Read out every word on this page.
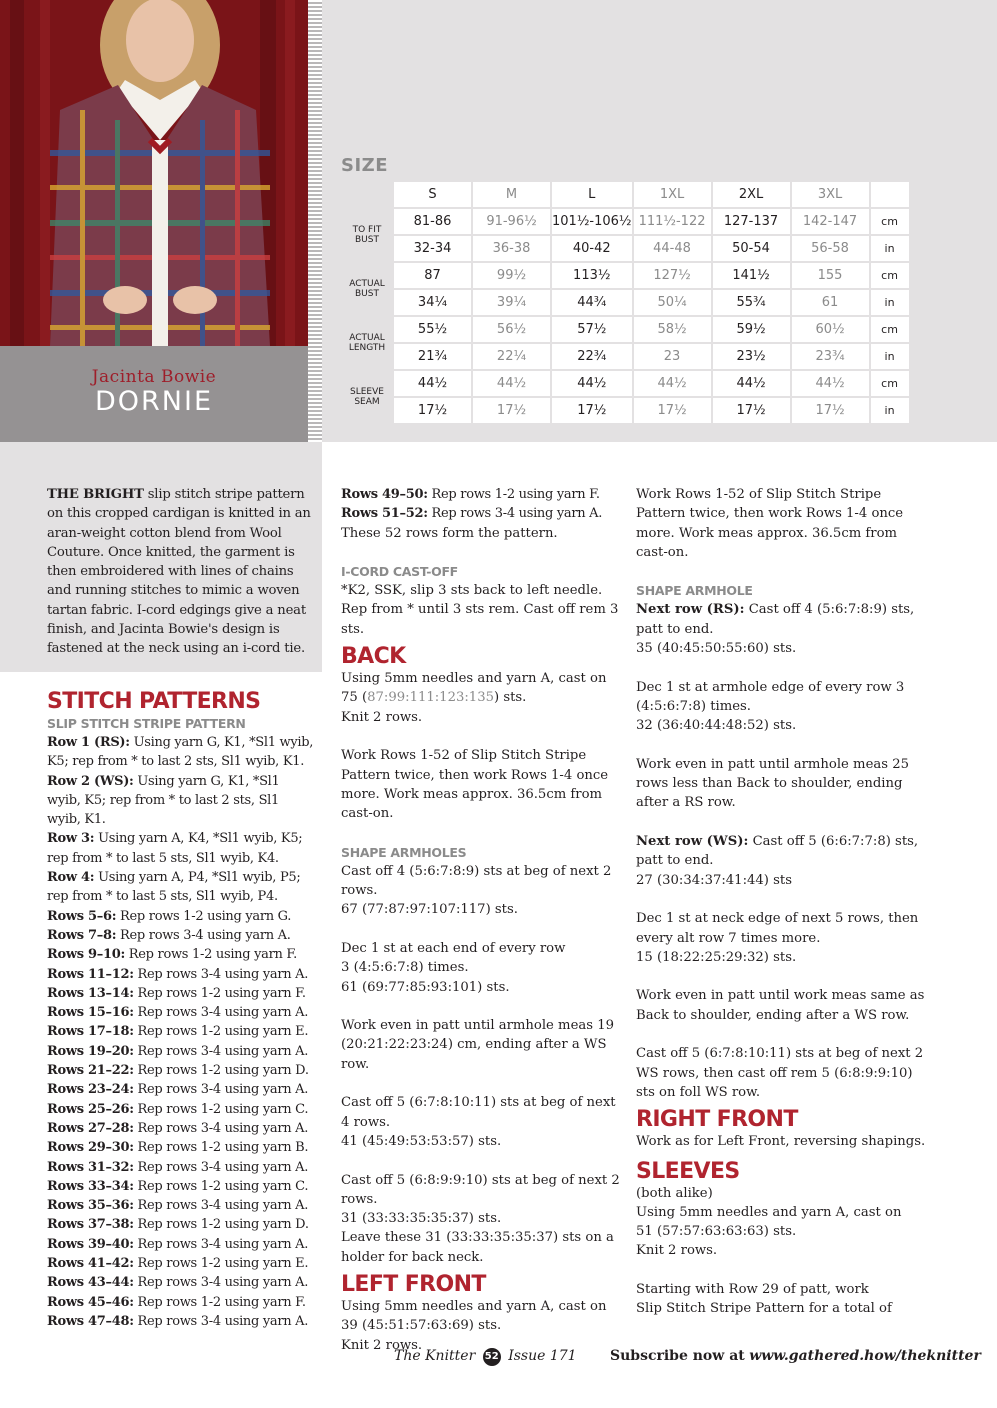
Jacinta Bowie
DORNIE
SIZE
	S	M	L	1XL	2XL	3XL	
TO FIT BUST	81-86	91-96½	101½-106½	111½-122	127-137	142-147	cm
	32-34	36-38	40-42	44-48	50-54	56-58	in
ACTUAL BUST	87	99½	113½	127½	141½	155	cm
	34¼	39¼	44¾	50¼	55¾	61	in
ACTUAL LENGTH	55½	56½	57½	58½	59½	60½	cm
	21¾	22¼	22¾	23	23½	23¾	in
SLEEVE SEAM	44½	44½	44½	44½	44½	44½	cm
	17½	17½	17½	17½	17½	17½	in
THE BRIGHT slip stitch stripe pattern on this cropped cardigan is knitted in an aran-weight cotton blend from Wool Couture. Once knitted, the garment is then embroidered with lines of chains and running stitches to mimic a woven tartan fabric. I-cord edgings give a neat finish, and Jacinta Bowie's design is fastened at the neck using an i-cord tie.
STITCH PATTERNS
SLIP STITCH STRIPE PATTERN

Row 1 (RS): Using yarn G, K1, *Sl1 wyib, K5; rep from * to last 2 sts, Sl1 wyib, K1.

Row 2 (WS): Using yarn G, K1, *Sl1 wyib, K5; rep from * to last 2 sts, Sl1 wyib, K1.

Row 3: Using yarn A, K4, *Sl1 wyib, K5; rep from * to last 5 sts, Sl1 wyib, K4.

Row 4: Using yarn A, P4, *Sl1 wyib, P5; rep from * to last 5 sts, Sl1 wyib, P4.

Rows 5–6: Rep rows 1-2 using yarn G.

Rows 7–8: Rep rows 3-4 using yarn A.

Rows 9–10: Rep rows 1-2 using yarn F.

Rows 11–12: Rep rows 3-4 using yarn A.

Rows 13–14: Rep rows 1-2 using yarn F.

Rows 15–16: Rep rows 3-4 using yarn A.

Rows 17–18: Rep rows 1-2 using yarn E.

Rows 19–20: Rep rows 3-4 using yarn A.

Rows 21–22: Rep rows 1-2 using yarn D.

Rows 23–24: Rep rows 3-4 using yarn A.

Rows 25–26: Rep rows 1-2 using yarn C.

Rows 27–28: Rep rows 3-4 using yarn A.

Rows 29–30: Rep rows 1-2 using yarn B.

Rows 31–32: Rep rows 3-4 using yarn A.

Rows 33–34: Rep rows 1-2 using yarn C.

Rows 35–36: Rep rows 3-4 using yarn A.

Rows 37–38: Rep rows 1-2 using yarn D.

Rows 39–40: Rep rows 3-4 using yarn A.

Rows 41–42: Rep rows 1-2 using yarn E.

Rows 43–44: Rep rows 3-4 using yarn A.

Rows 45–46: Rep rows 1-2 using yarn F.

Rows 47–48: Rep rows 3-4 using yarn A.

Rows 49–50: Rep rows 1-2 using yarn F.

Rows 51–52: Rep rows 3-4 using yarn A.

These 52 rows form the pattern.

I-CORD CAST-OFF

*K2, SSK, slip 3 sts back to left needle.

Rep from * until 3 sts rem. Cast off rem 3 sts.

BACK

Using 5mm needles and yarn A, cast on

75 (87:99:111:123:135) sts.

Knit 2 rows.

Work Rows 1-52 of Slip Stitch Stripe Pattern twice, then work Rows 1-4 once more. Work meas approx. 36.5cm from cast-on.

SHAPE ARMHOLES

Cast off 4 (5:6:7:8:9) sts at beg of next 2 rows.

67 (77:87:97:107:117) sts.

Dec 1 st at each end of every row

3 (4:5:6:7:8) times.

61 (69:77:85:93:101) sts.

Work even in patt until armhole meas 19 (20:21:22:23:24) cm, ending after a WS row.

Cast off 5 (6:7:8:10:11) sts at beg of next 4 rows.

41 (45:49:53:53:57) sts.

Cast off 5 (6:8:9:9:10) sts at beg of next 2 rows.

31 (33:33:35:35:37) sts.

Leave these 31 (33:33:35:35:37) sts on a holder for back neck.

LEFT FRONT

Using 5mm needles and yarn A, cast on

39 (45:51:57:63:69) sts.

Knit 2 rows.

Work Rows 1-52 of Slip Stitch Stripe Pattern twice, then work Rows 1-4 once more. Work meas approx. 36.5cm from cast-on.

SHAPE ARMHOLE

Next row (RS): Cast off 4 (5:6:7:8:9) sts, patt to end.

35 (40:45:50:55:60) sts.

Dec 1 st at armhole edge of every row 3 (4:5:6:7:8) times.

32 (36:40:44:48:52) sts.

Work even in patt until armhole meas 25 rows less than Back to shoulder, ending after a RS row.

Next row (WS): Cast off 5 (6:6:7:7:8) sts, patt to end.

27 (30:34:37:41:44) sts

Dec 1 st at neck edge of next 5 rows, then every alt row 7 times more.

15 (18:22:25:29:32) sts.

Work even in patt until work meas same as Back to shoulder, ending after a WS row.

Cast off 5 (6:7:8:10:11) sts at beg of next 2 WS rows, then cast off rem 5 (6:8:9:9:10) sts on foll WS row.

RIGHT FRONT

Work as for Left Front, reversing shapings.

SLEEVES

(both alike)

Using 5mm needles and yarn A, cast on

51 (57:57:63:63:63) sts.

Knit 2 rows.

Starting with Row 29 of patt, work

Slip Stitch Stripe Pattern for a total of

The Knitter 52 Issue 171 Subscribe now at www.gathered.how/theknitter
